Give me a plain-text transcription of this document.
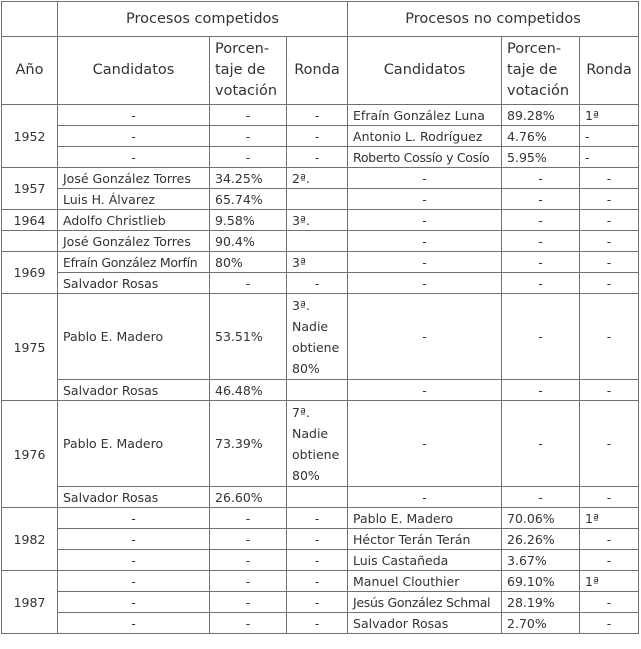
	Procesos competidos			Procesos no competidos		
Año	Candidatos	Porcen-taje de votación	Ronda	Candidatos	Porcen-taje de votación	Ronda
1952	-	-	-	Efraín González Luna	89.28%	1ª
	-	-	-	Antonio L. Rodríguez	4.76%	-
	-	-	-	Roberto Cossío y Cosío	5.95%	-
1957	José González Torres	34.25%	2ª.	-	-	-
	Luis H. Álvarez	65.74%		-	-	-
1964	Adolfo Christlieb	9.58%	3ª.	-	-	-
	José González Torres	90.4%		-	-	-
1969	Efraín González Morfín	80%	3ª	-	-	-
	Salvador Rosas	-	-	-	-	-
1975	Pablo E. Madero	53.51%	3ª. Nadie obtiene 80%	-	-	-
	Salvador Rosas	46.48%		-	-	-
1976	Pablo E. Madero	73.39%	7ª. Nadie obtiene 80%	-	-	-
	Salvador Rosas	26.60%		-	-	-
1982	-	-	-	Pablo E. Madero	70.06%	1ª
	-	-	-	Héctor Terán Terán	26.26%	-
	-	-	-	Luis Castañeda	3.67%	-
1987	-	-	-	Manuel Clouthier	69.10%	1ª
	-	-	-	Jesús González Schmal	28.19%	-
	-	-	-	Salvador Rosas	2.70%	-
